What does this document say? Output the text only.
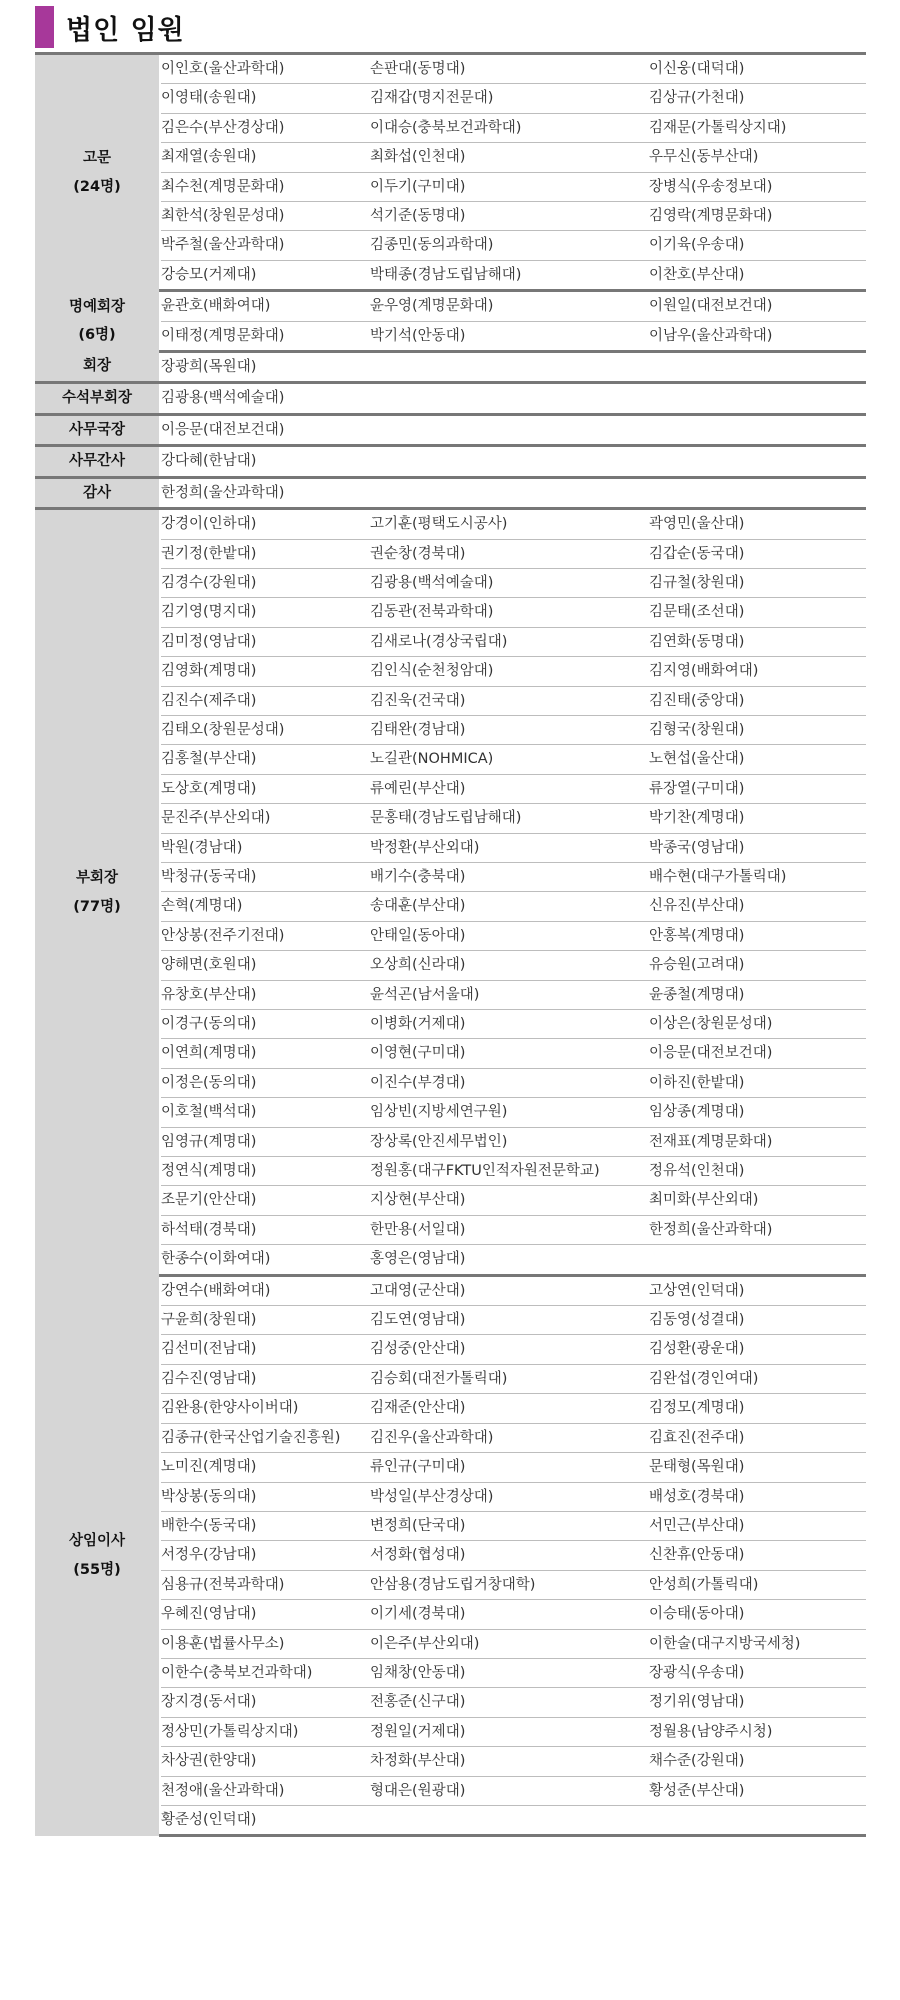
법인 임원
고문
(24명)	이인호(울산과학대)	손판대(동명대)	이신웅(대덕대)
	이영태(송원대)	김재갑(명지전문대)	김상규(가천대)
	김은수(부산경상대)	이대승(충북보건과학대)	김재문(가톨릭상지대)
	최재열(송원대)	최화섭(인천대)	우무신(동부산대)
	최수천(계명문화대)	이두기(구미대)	장병식(우송정보대)
	최한석(창원문성대)	석기준(동명대)	김영락(계명문화대)
	박주철(울산과학대)	김종민(동의과학대)	이기육(우송대)
	강승모(거제대)	박태종(경남도립남해대)	이찬호(부산대)

명예회장
(6명)	윤관호(배화여대)	윤우영(계명문화대)	이원일(대전보건대)
	이태정(계명문화대)	박기석(안동대)	이남우(울산과학대)

회장	장광희(목원대)		

수석부회장	김광용(백석예술대)		

사무국장	이응문(대전보건대)		

사무간사	강다혜(한남대)		

감사	한정희(울산과학대)		

부회장
(77명)	강경이(인하대)	고기훈(평택도시공사)	곽영민(울산대)
	권기정(한밭대)	권순창(경북대)	김갑순(동국대)
	김경수(강원대)	김광용(백석예술대)	김규철(창원대)
	김기영(명지대)	김동관(전북과학대)	김문태(조선대)
	김미정(영남대)	김새로나(경상국립대)	김연화(동명대)
	김영화(계명대)	김인식(순천청암대)	김지영(배화여대)
	김진수(제주대)	김진욱(건국대)	김진태(중앙대)
	김태오(창원문성대)	김태완(경남대)	김형국(창원대)
	김홍철(부산대)	노길관(NOHMICA)	노현섭(울산대)
	도상호(계명대)	류예린(부산대)	류장열(구미대)
	문진주(부산외대)	문홍태(경남도립남해대)	박기찬(계명대)
	박원(경남대)	박정환(부산외대)	박종국(영남대)
	박청규(동국대)	배기수(충북대)	배수현(대구가톨릭대)
	손혁(계명대)	송대훈(부산대)	신유진(부산대)
	안상봉(전주기전대)	안태일(동아대)	안홍복(계명대)
	양해면(호원대)	오상희(신라대)	유승원(고려대)
	유창호(부산대)	윤석곤(남서울대)	윤종철(계명대)
	이경구(동의대)	이병화(거제대)	이상은(창원문성대)
	이연희(계명대)	이영현(구미대)	이응문(대전보건대)
	이정은(동의대)	이진수(부경대)	이하진(한밭대)
	이호철(백석대)	임상빈(지방세연구원)	임상종(계명대)
	임영규(계명대)	장상록(안진세무법인)	전재표(계명문화대)
	정연식(계명대)	정원홍(대구FKTU인적자원전문학교)	정유석(인천대)
	조문기(안산대)	지상현(부산대)	최미화(부산외대)
	하석태(경북대)	한만용(서일대)	한정희(울산과학대)
	한종수(이화여대)	홍영은(영남대)	

상임이사
(55명)	강연수(배화여대)	고대영(군산대)	고상연(인덕대)
	구윤희(창원대)	김도연(영남대)	김동영(성결대)
	김선미(전남대)	김성중(안산대)	김성환(광운대)
	김수진(영남대)	김승회(대전가톨릭대)	김완섭(경인여대)
	김완용(한양사이버대)	김재준(안산대)	김정모(계명대)
	김종규(한국산업기술진흥원)	김진우(울산과학대)	김효진(전주대)
	노미진(계명대)	류인규(구미대)	문태형(목원대)
	박상봉(동의대)	박성일(부산경상대)	배성호(경북대)
	배한수(동국대)	변정희(단국대)	서민근(부산대)
	서정우(강남대)	서정화(협성대)	신찬휴(안동대)
	심용규(전북과학대)	안삼용(경남도립거창대학)	안성희(가톨릭대)
	우혜진(영남대)	이기세(경북대)	이승태(동아대)
	이용훈(법률사무소)	이은주(부산외대)	이한술(대구지방국세청)
	이한수(충북보건과학대)	임채창(안동대)	장광식(우송대)
	장지경(동서대)	전홍준(신구대)	정기위(영남대)
	정상민(가톨릭상지대)	정원일(거제대)	정월용(남양주시청)
	차상권(한양대)	차정화(부산대)	채수준(강원대)
	천정애(울산과학대)	형대은(원광대)	황성준(부산대)
	황준성(인덕대)		
